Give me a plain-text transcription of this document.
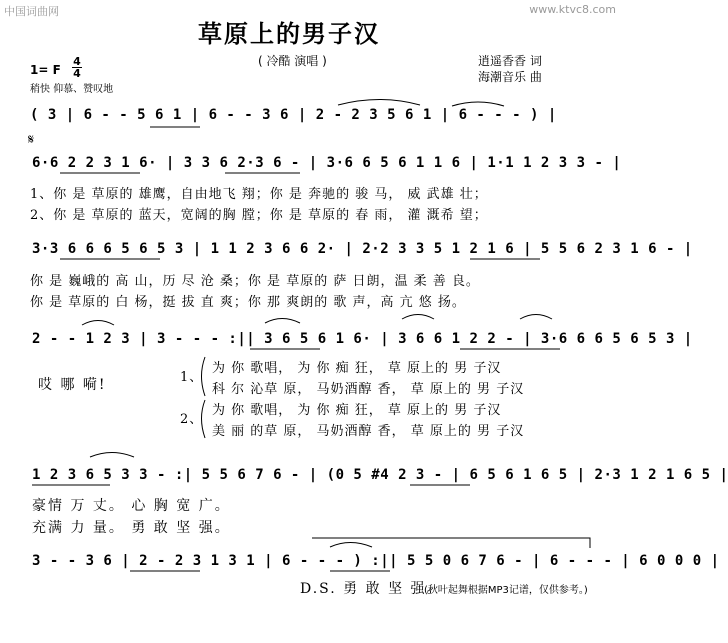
中国词曲网	www.ktvc8.com
草原上的男子汉
( 冷酷 演唱 )	逍遥香香 词
海潮音乐 曲
1= F
4
4
稍快 仰慕、赞叹地
( 3 | 6 - - 5 6 1 | 6 - - 3 6 | 2 - 2 3 5 6 1 | 6 - - - ) |
𝄋
6·6 2 2 3 1 6· | 3 3 6 2·3 6 - | 3·6 6 5 6 1 1 6 | 1·1 1 2 3 3 - |
1、你 是 草原的 雄鹰，自由地飞 翔；你 是 奔驰的 骏 马， 威 武雄 壮；
2、你 是 草原的 蓝天，宽阔的胸 膛；你 是 草原的 春 雨， 灌 溉希 望；
3·3 6 6 6 5 6 5 3 | 1 1 2 3 6 6 2· | 2·2 3 3 5 1 2 1 6 | 5 5 6 2 3 1 6 - |
你 是 巍峨的 高 山，历 尽 沧 桑；你 是 草原的 萨 日朗，温 柔 善 良。
你 是 草原的 白 杨，挺 拔 直 爽；你 那 爽朗的 歌 声，高 亢 悠 扬。
2 - - 1 2 3 | 3 - - - :|| 3 6 5 6 1 6· | 3 6 6 1 2 2 - | 3·6 6 6 5 6 5 3 |
哎 哪 嗬!	1、
为 你 歌唱， 为 你 痴 狂， 草 原上的 男 子汉
科 尔 沁草 原， 马奶酒醇 香， 草 原上的 男 子汉
2、
为 你 歌唱， 为 你 痴 狂， 草 原上的 男 子汉
美 丽 的草 原， 马奶酒醇 香， 草 原上的 男 子汉
1 2 3 6 5 3 3 - :| 5 5 6 7 6 - | (0 5 #4 2 3 - | 6 5 6 1 6 5 | 2·3 1 2 1 6 5 |
豪情 万 丈。 心 胸 宽 广。
充满 力 量。 勇 敢 坚 强。
3 - - 3 6 | 2 - 2 3 1 3 1 | 6 - - - ) :|| 5 5 0 6 7 6 - | 6 - - - | 6 0 0 0 |
D.S. 勇 敢 坚 强。
(秋叶起舞根据MP3记谱，仅供参考。)
